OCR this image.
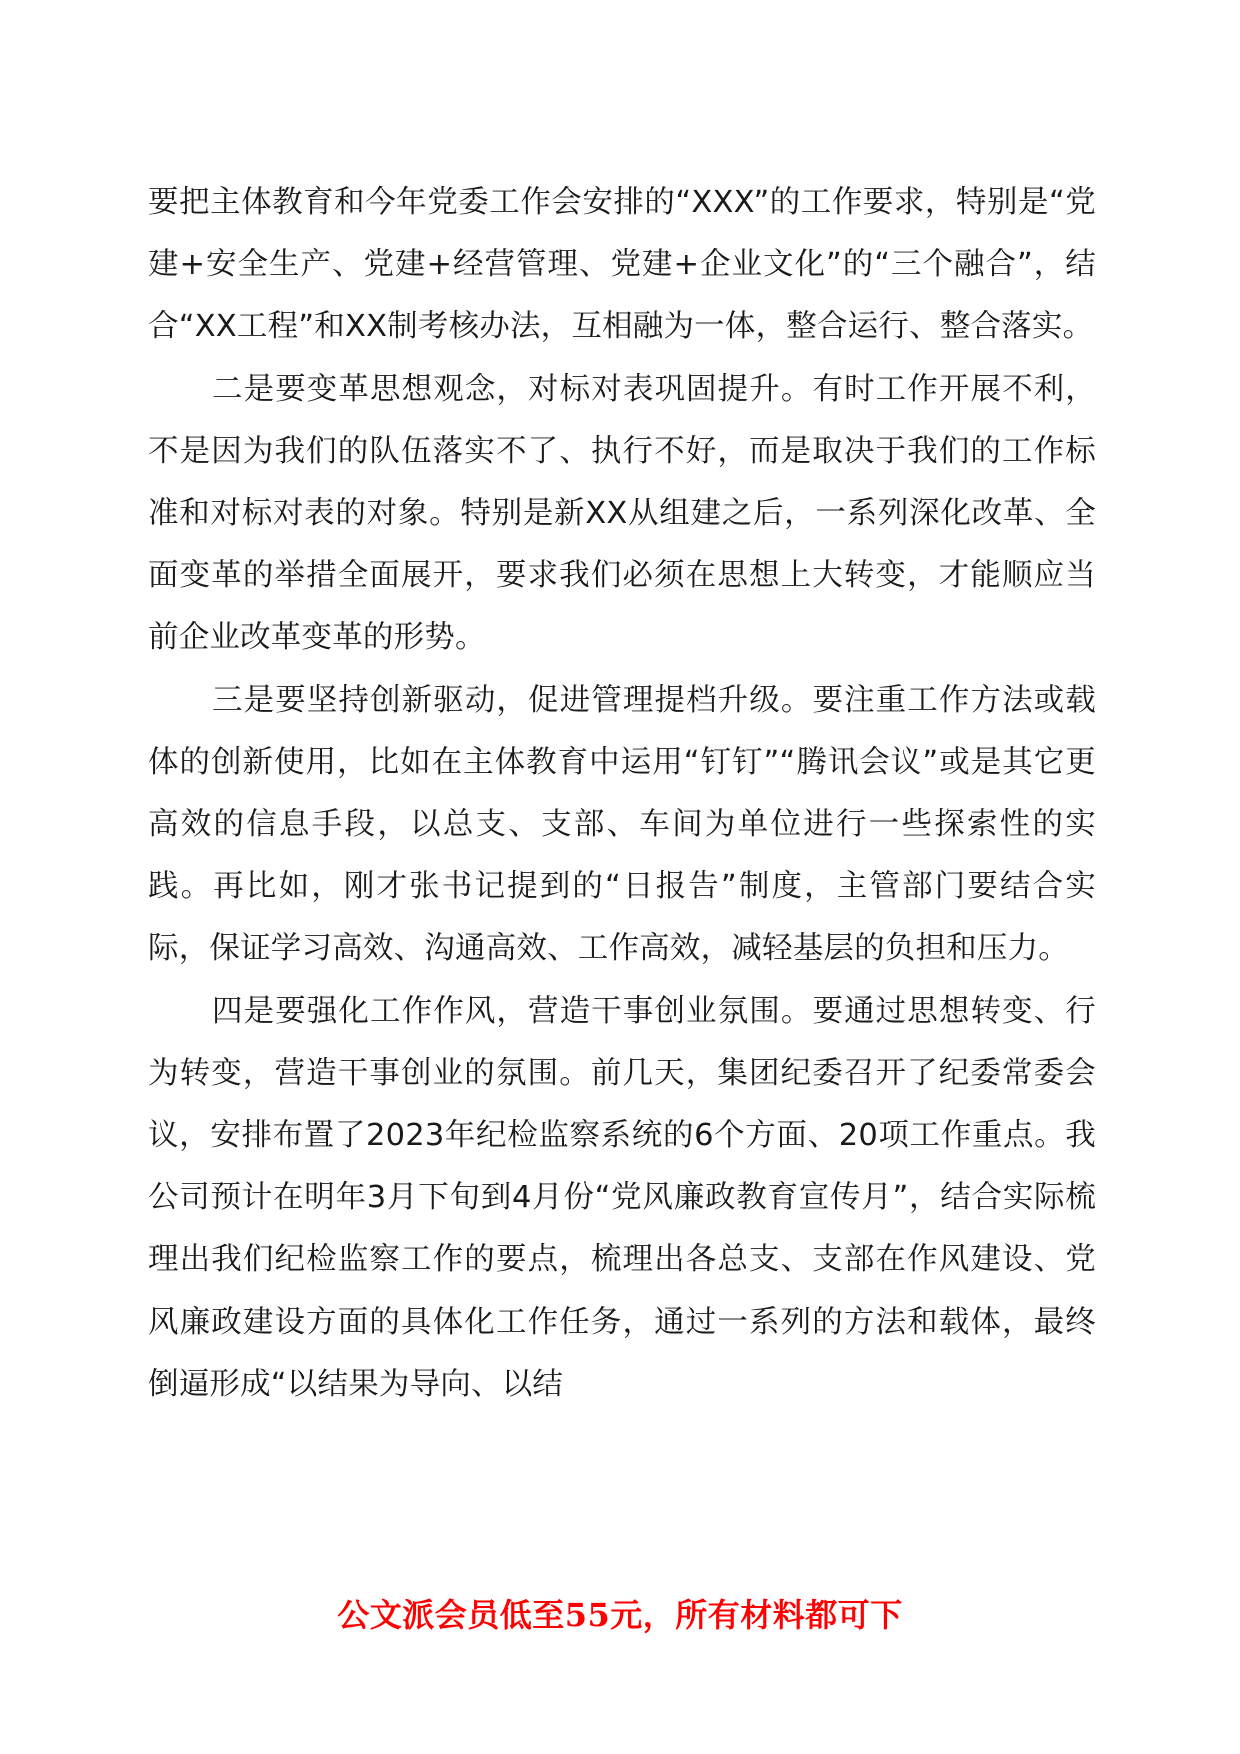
要把主体教育和今年党委工作会安排的“XXX”的工作要求，特别是“党建+安全生产、党建+经营管理、党建+企业文化”的“三个融合”，结合“XX工程”和XX制考核办法，互相融为一体，整合运行、整合落实。

二是要变革思想观念，对标对表巩固提升。有时工作开展不利，不是因为我们的队伍落实不了、执行不好，而是取决于我们的工作标准和对标对表的对象。特别是新XX从组建之后，一系列深化改革、全面变革的举措全面展开，要求我们必须在思想上大转变，才能顺应当前企业改革变革的形势。

三是要坚持创新驱动，促进管理提档升级。要注重工作方法或载体的创新使用，比如在主体教育中运用“钉钉”“腾讯会议”或是其它更高效的信息手段，以总支、支部、车间为单位进行一些探索性的实践。再比如，刚才张书记提到的“日报告”制度，主管部门要结合实际，保证学习高效、沟通高效、工作高效，减轻基层的负担和压力。

四是要强化工作作风，营造干事创业氛围。要通过思想转变、行为转变，营造干事创业的氛围。前几天，集团纪委召开了纪委常委会议，安排布置了2023年纪检监察系统的6个方面、20项工作重点。我公司预计在明年3月下旬到4月份“党风廉政教育宣传月”，结合实际梳理出我们纪检监察工作的要点，梳理出各总支、支部在作风建设、党风廉政建设方面的具体化工作任务，通过一系列的方法和载体，最终倒逼形成“以结果为导向、以结

公文派会员低至55元，所有材料都可下
